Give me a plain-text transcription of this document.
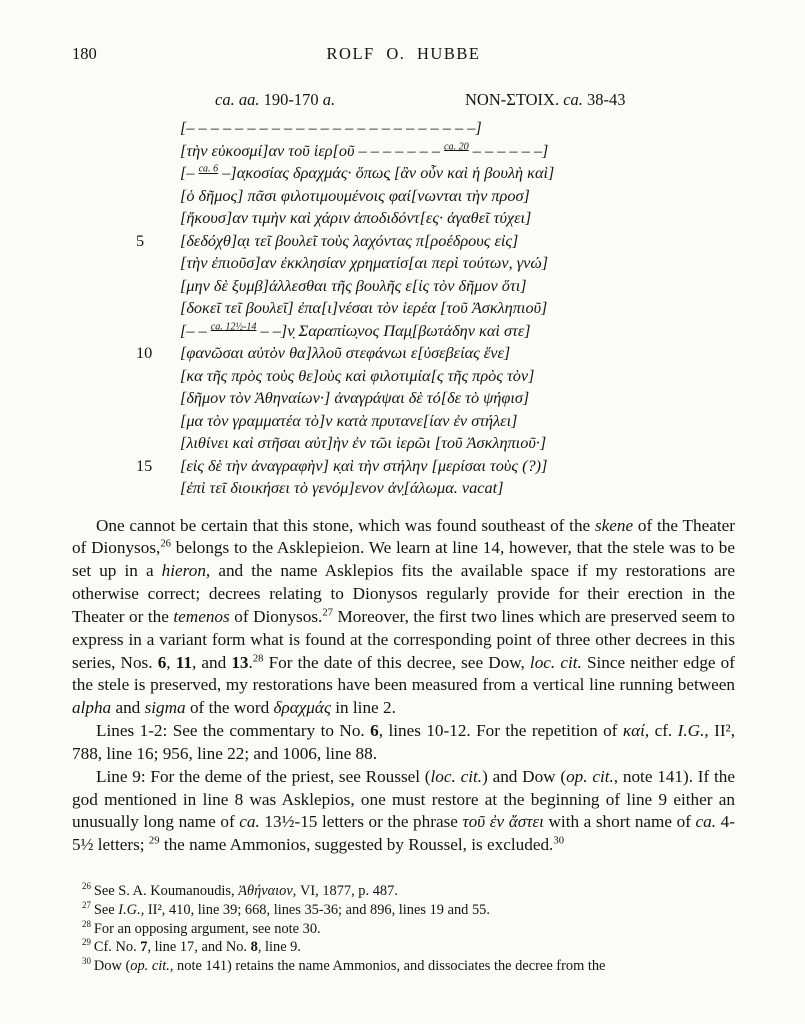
180	ROLF O. HUBBE
ca. aa. 190-170 a.	NON-ΣΤΟΙΧ. ca. 38-43
[– – – – – – – – – – – – – – – – – – – – – – – –]
[τὴν εὐκοσμί]αν τοῦ ἱερ[οῦ – – – – – – – $^{ca. 20}$ – – – – – –]
[– $^{ca. 6}$ –]α̣κοσίας δραχμάς· ὅπως̣ [ἂν οὖν καὶ ἡ βουλὴ καὶ]
[ὁ δῆμος] πᾶσι φιλοτιμουμένοις φαί[νωνται τὴν προσ]
[ἤκουσ]αν τιμὴν καὶ χάριν ἀποδιδόντ[ες· ἀγαθεῖ τύχει]
5 [δεδόχθ]α̣ι τεῖ βουλεῖ τοὺς λαχόντας π[ροέδρους εἰς]
[τὴν ἐπιοῦσ]αν ἐκκλησίαν χρηματίσ[αι περὶ τούτων, γνώ]
[μην δὲ ξυμβ]άλλεσθαι τῆς βουλῆς ε[ἰς τὸν δῆμον ὅτι]
[δοκεῖ τεῖ βουλεῖ] ἐπα[ι]νέσαι τὸν ἱερέα [τοῦ Ἀσκληπιοῦ]
[– – $^{ca. 12\frac{1}{2}-14}$ – –]ν̣ Σαραπίω̣νος Παμ̣[βωτάδην καὶ στε]
10 [φανῶσαι αὐτὸν θα]λλοῦ στεφάνωι ε[ὐσεβείας ἕνε]
[κα τῆς πρὸς τοὺς θε]οὺς καὶ φιλοτιμία[ς τῆς πρὸς τὸν]
[δῆμον τὸν Ἀθηναίων·] ἀναγράψαι δὲ τό[δε τὸ ψήφισ]
[μα τὸν γραμματέα τὸ]ν κατὰ πρυτανε[ίαν ἐν στήλει]
[λιθίνει καὶ στῆσαι αὐτ]ὴν ἐν τῶι ἱερῶι [τοῦ Ἀσκληπιοῦ·]
15 [εἰς δὲ τὴν ἀναγραφὴν] κ̣αὶ τὴν στήλην [μερίσαι τοὺς (?)]
[ἐπὶ τεῖ διοικήσει τὸ γενόμ]ενον ἀν̣[άλωμα. vacat]

One cannot be certain that this stone, which was found southeast of the skene of the Theater of Dionysos,$^{26}$ belongs to the Asklepieion. We learn at line 14, however, that the stele was to be set up in a hieron, and the name Asklepios fits the available space if my restorations are otherwise correct; decrees relating to Dionysos regularly provide for their erection in the Theater or the temenos of Dionysos.$^{27}$ Moreover, the first two lines which are preserved seem to express in a variant form what is found at the corresponding point of three other decrees in this series, Nos. 6, 11, and 13.28 For the date of this decree, see Dow, loc. cit. Since neither edge of the stele is preserved, my restorations have been measured from a vertical line running between alpha and sigma of the word δραχμάς in line 2.

Lines 1-2: See the commentary to No. 6, lines 10-12. For the repetition of καί, cf. I.G., II², 788, line 16; 956, line 22; and 1006, line 88.

Line 9: For the deme of the priest, see Roussel (loc. cit.) and Dow (op. cit., note 141). If the god mentioned in line 8 was Asklepios, one must restore at the beginning of line 9 either an unusually long name of ca. 13½-15 letters or the phrase τοῦ ἐν ἄστει with a short name of ca. 4-5½ letters; $^{29}$ the name Ammonios, suggested by Roussel, is excluded.$^{30}$

$^{26}$ See S. A. Koumanoudis, Ἀθήναιον, VI, 1877, p. 487.

$^{27}$ See I.G., II², 410, line 39; 668, lines 35-36; and 896, lines 19 and 55.

$^{28}$ For an opposing argument, see note 30.

$^{29}$ Cf. No. 7, line 17, and No. 8, line 9.

$^{30}$ Dow (op. cit., note 141) retains the name Ammonios, and dissociates the decree from the
